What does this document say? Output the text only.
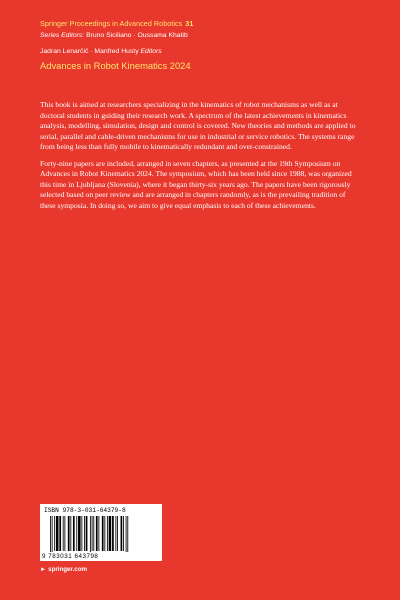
Springer Proceedings in Advanced Robotics 31
Series Editors: Bruno Siciliano · Oussama Khatib
Jadran Lenarčič · Manfred Husty Editors
Advances in Robot Kinematics 2024

This book is aimed at researchers specializing in the kinematics of robot mechanisms as well as at doctoral students in guiding their research work. A spectrum of the latest achievements in kinematics analysis, modelling, simulation, design and control is covered. New theories and methods are applied to serial, parallel and cable-driven mechanisms for use in industrial or service robotics. The systems range from being less than fully mobile to kinematically redundant and over-constrained.

Forty-nine papers are included, arranged in seven chapters, as presented at the 19th Symposium on Advances in Robot Kinematics 2024. The symposium, which has been held since 1988, was organized this time in Ljubljana (Slovenia), where it began thirty-six years ago. The papers have been rigorously selected based on peer review and are arranged in chapters randomly, as is the prevailing tradition of these symposia. In doing so, we aim to give equal emphasis to each of these achievements.

ISBN 978-3-031-64379-8
9 783031 643798
► springer.com
